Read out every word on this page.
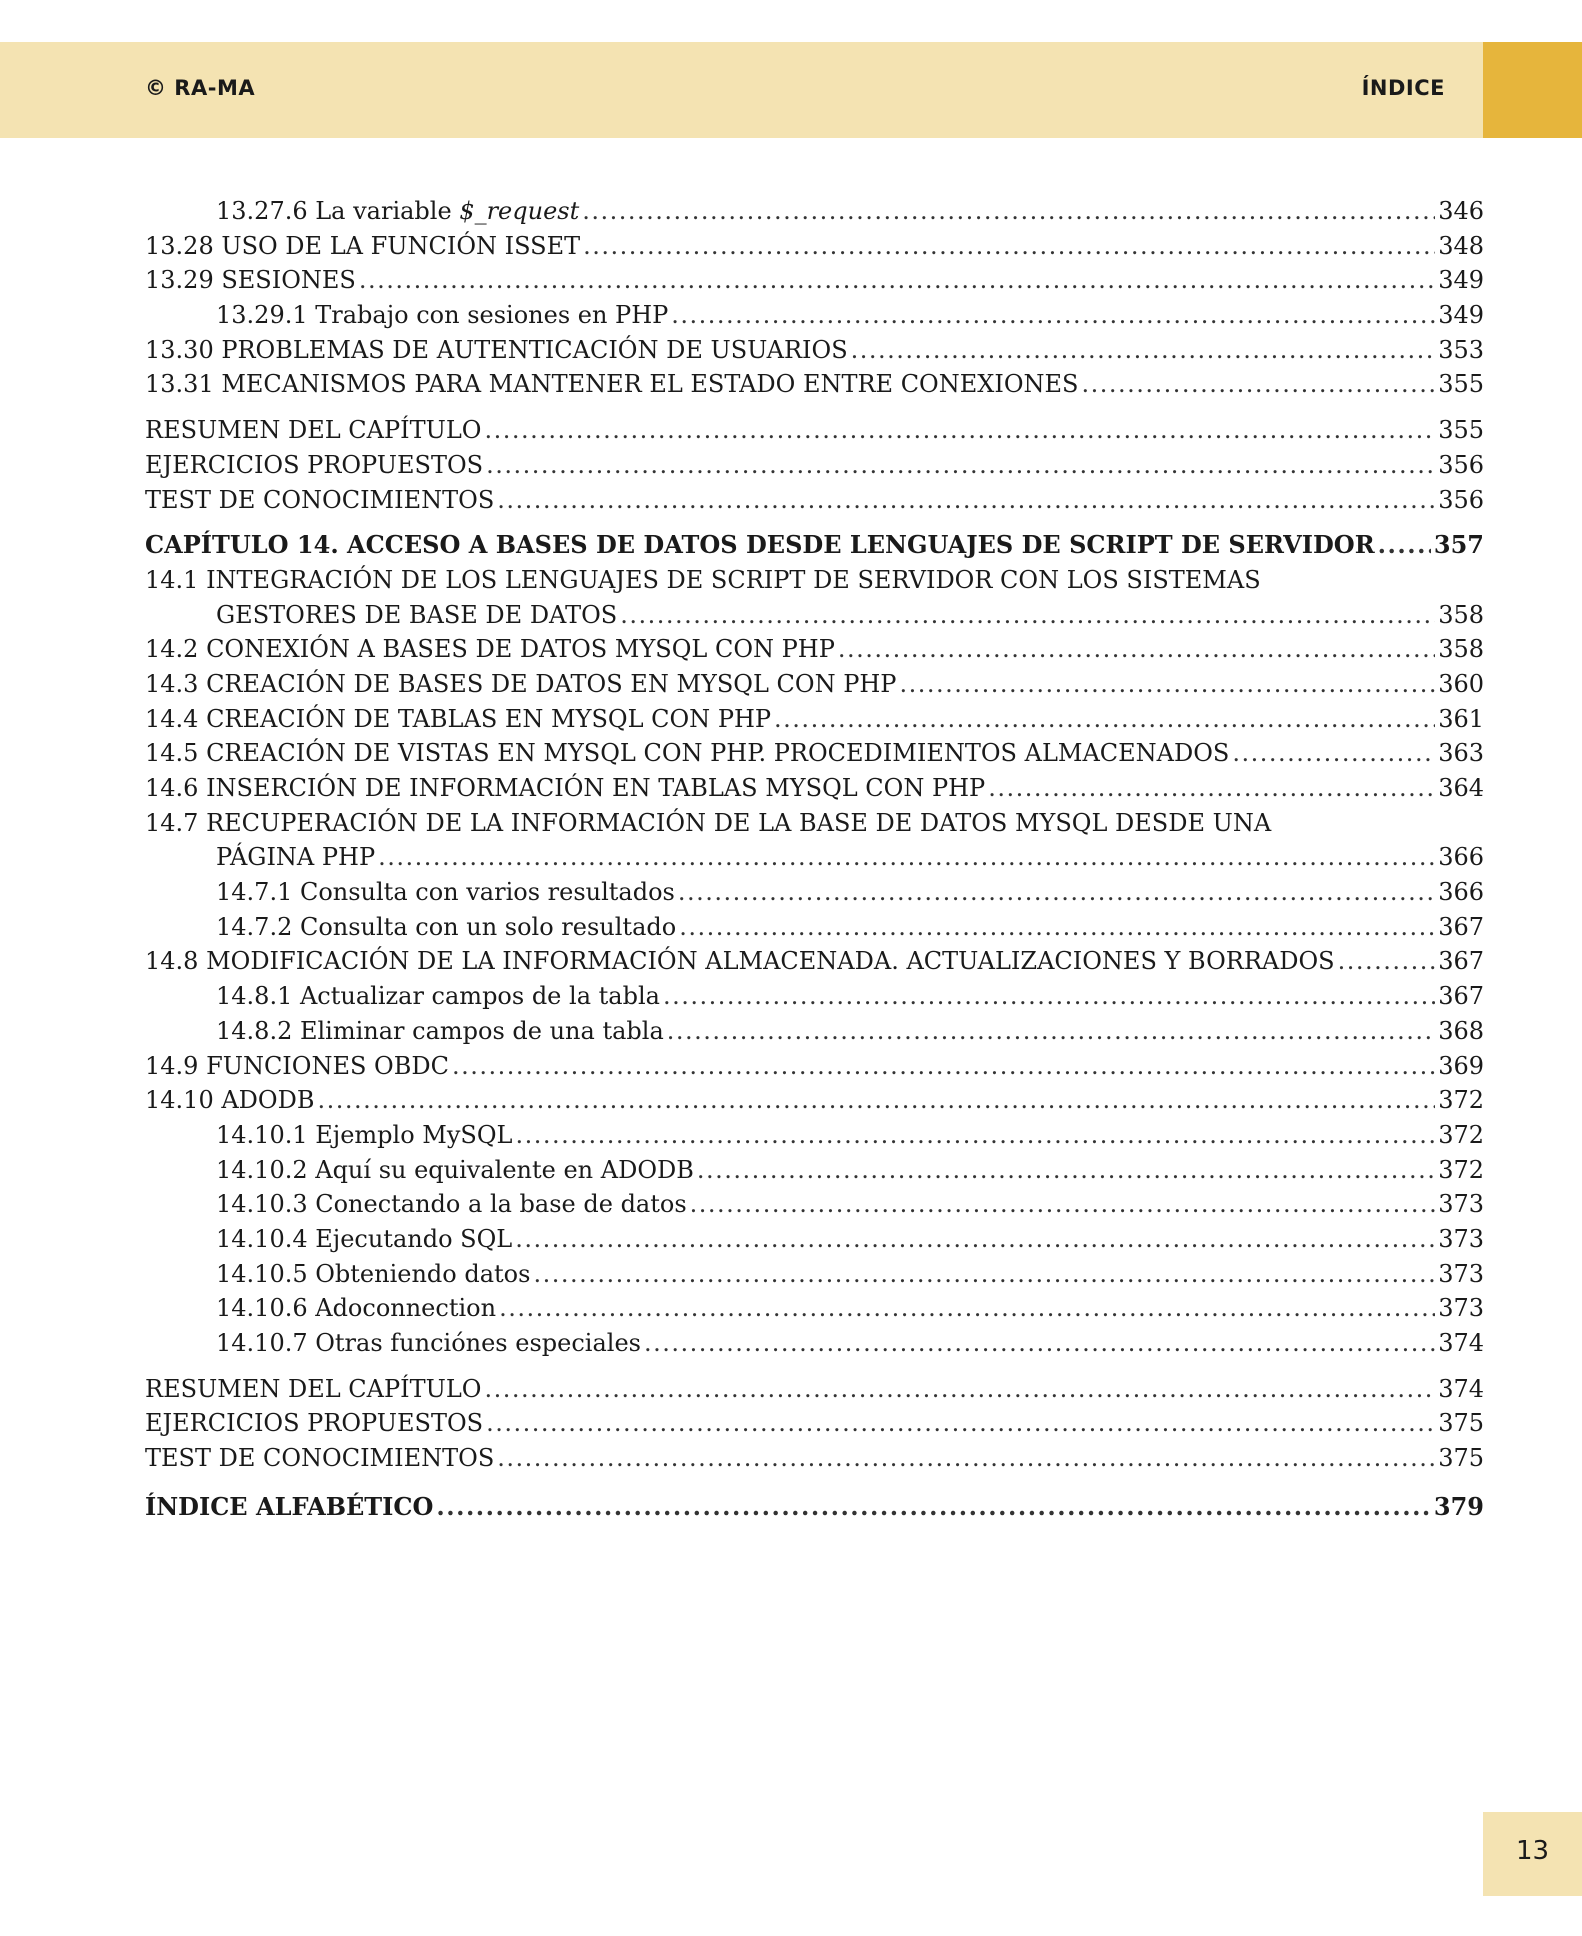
© RA-MA	ÍNDICE
13.27.6 La variable $_request .....	346
13.28 USO DE LA FUNCIÓN ISSET .....	348
13.29 SESIONES .....	349
13.29.1 Trabajo con sesiones en PHP .....	349
13.30 PROBLEMAS DE AUTENTICACIÓN DE USUARIOS .....	353
13.31 MECANISMOS PARA MANTENER EL ESTADO ENTRE CONEXIONES .....	355
RESUMEN DEL CAPÍTULO .....	355
EJERCICIOS PROPUESTOS .....	356
TEST DE CONOCIMIENTOS .....	356
CAPÍTULO 14. ACCESO A BASES DE DATOS DESDE LENGUAJES DE SCRIPT DE SERVIDOR ..... 357
14.1 INTEGRACIÓN DE LOS LENGUAJES DE SCRIPT DE SERVIDOR CON LOS SISTEMAS
GESTORES DE BASE DE DATOS .....	358
14.2 CONEXIÓN A BASES DE DATOS MYSQL CON PHP .....	358
14.3 CREACIÓN DE BASES DE DATOS EN MYSQL CON PHP .....	360
14.4 CREACIÓN DE TABLAS EN MYSQL CON PHP .....	361
14.5 CREACIÓN DE VISTAS EN MYSQL CON PHP. PROCEDIMIENTOS ALMACENADOS .....	363
14.6 INSERCIÓN DE INFORMACIÓN EN TABLAS MYSQL CON PHP .....	364
14.7 RECUPERACIÓN DE LA INFORMACIÓN DE LA BASE DE DATOS MYSQL DESDE UNA
PÁGINA PHP .....	366
14.7.1 Consulta con varios resultados .....	366
14.7.2 Consulta con un solo resultado .....	367
14.8 MODIFICACIÓN DE LA INFORMACIÓN ALMACENADA. ACTUALIZACIONES Y BORRADOS .....	367
14.8.1 Actualizar campos de la tabla .....	367
14.8.2 Eliminar campos de una tabla .....	368
14.9 FUNCIONES OBDC .....	369
14.10 ADODB .....	372
14.10.1 Ejemplo MySQL .....	372
14.10.2 Aquí su equivalente en ADODB .....	372
14.10.3 Conectando a la base de datos .....	373
14.10.4 Ejecutando SQL .....	373
14.10.5 Obteniendo datos .....	373
14.10.6 Adoconnection .....	373
14.10.7 Otras funciónes especiales .....	374
RESUMEN DEL CAPÍTULO .....	374
EJERCICIOS PROPUESTOS .....	375
TEST DE CONOCIMIENTOS .....	375
ÍNDICE ALFABÉTICO .....	379
13
